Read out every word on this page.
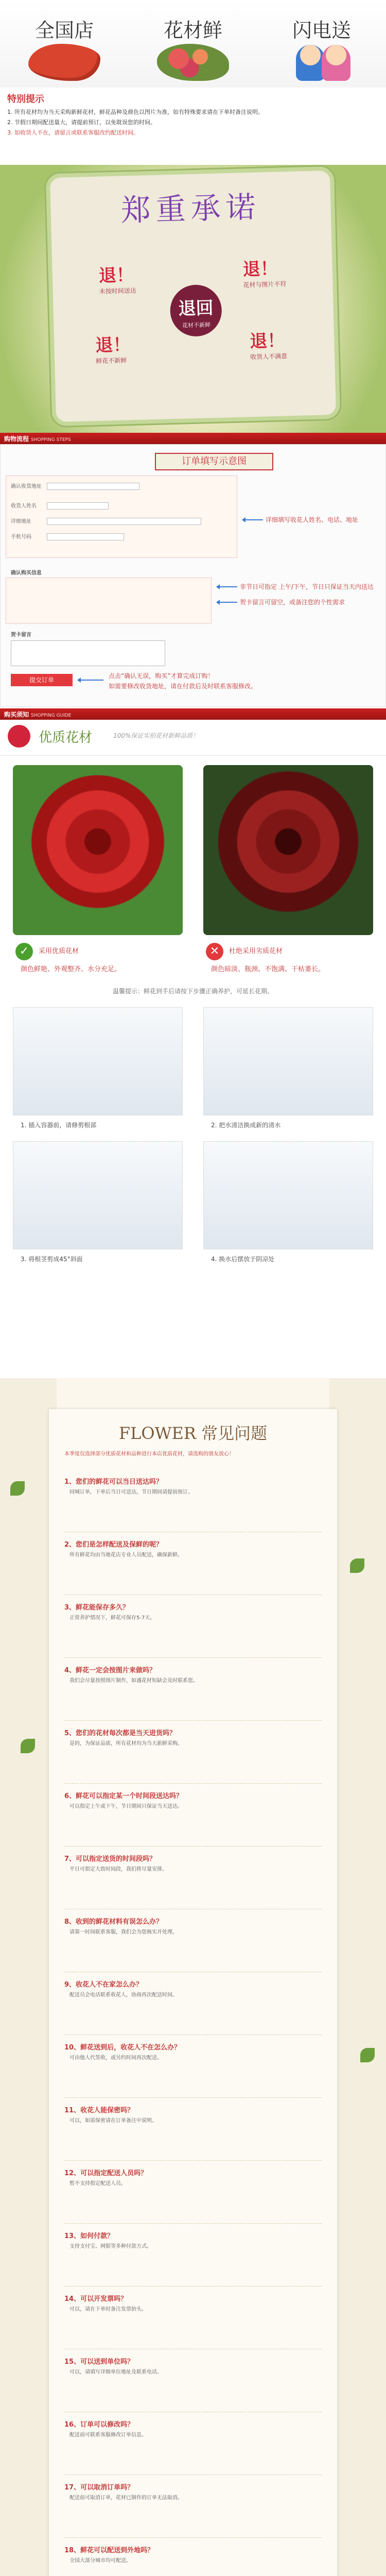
全国店	花材鲜	闪电送
特别提示
1. 所有花材均为当天采购新鲜花材，鲜花品种及颜色以图片为准，如有特殊要求请在下单时备注说明。
2. 节假日期间配送量大，请提前预订，以免耽误您的时间。
3. 如收货人不在，请留言或联系客服改约配送时间。
郑重承诺
退！
未按时间送达
退！
花材与图片不符
退！
鲜花不新鲜
退！
收货人不满意
退回
花材不新鲜
购物流程 SHOPPING STEPS
订单填写示意图
确认收货地址
收货人姓名
详细地址
手机号码
详细填写收花人姓名、电话、地址
确认购买信息
非节日可指定 上午/下午，节日只保证当天内送达
贺卡留言可留空，或备注您的个性需求
贺卡留言
提交订单
点击“确认无误，购买”才算完成订购！
如需要修改收货地址，请在付款后及时联系客服修改。
购买须知 SHOPPING GUIDE
优质花材	100%保证实拍花材新鲜品质！
✓	采用优质花材
颜色鲜艳、外观整齐、水分充足。
✕	杜绝采用劣质花材
颜色暗淡、瓶颈、不饱满、干枯萎长。
温馨提示：鲜花到手后请按下步骤正确养护，可延长花期。
1. 插入容器前，请修剪根部	2. 把水清洁换成新的清水
3. 将根茎剪成45°斜面	4. 换水后摆放于阴凉处
FLOWER 常见问题
本季度仅选择部分优质花材和品种进行本店优质花材，请选购的朋友放心！
1、您们的鲜花可以当日送达吗？
同城订单，下单后当日可送达，节日期间请提前预订。
2、您们是怎样配送及保鲜的呢？
所有鲜花均由当地花店专业人员配送，确保新鲜。
3、鲜花能保存多久？
正常养护情况下，鲜花可保存5-7天。
4、鲜花一定会按图片来做吗？
我们会尽量按照图片制作，如遇花材短缺会及时联系您。
5、您们的花材每次都是当天进货吗？
是的，为保证品质，所有花材均为当天新鲜采购。
6、鲜花可以指定某一个时间段送达吗？
可以指定上午或下午，节日期间只保证当天送达。
7、可以指定送货的时间段吗？
平日可指定大致时间段，我们将尽量安排。
8、收到的鲜花材料有误怎么办？
请第一时间联系客服，我们会为您核实并处理。
9、收花人不在家怎么办？
配送员会电话联系收花人，协商再次配送时间。
10、鲜花送到后，收花人不在怎么办？
可由他人代签收，或另约时间再次配送。
11、收花人能保密吗？
可以，如需保密请在订单备注中说明。
12、可以指定配送人员吗？
暂不支持指定配送人员。
13、如何付款？
支持支付宝、网银等多种付款方式。
14、可以开发票吗？
可以，请在下单时备注发票抬头。
15、可以送到单位吗？
可以，请填写详细单位地址及联系电话。
16、订单可以修改吗？
配送前可联系客服修改订单信息。
17、可以取消订单吗？
配送前可取消订单，花材已制作的订单无法取消。
18、鲜花可以配送到外地吗？
全国大部分城市均可配送。
